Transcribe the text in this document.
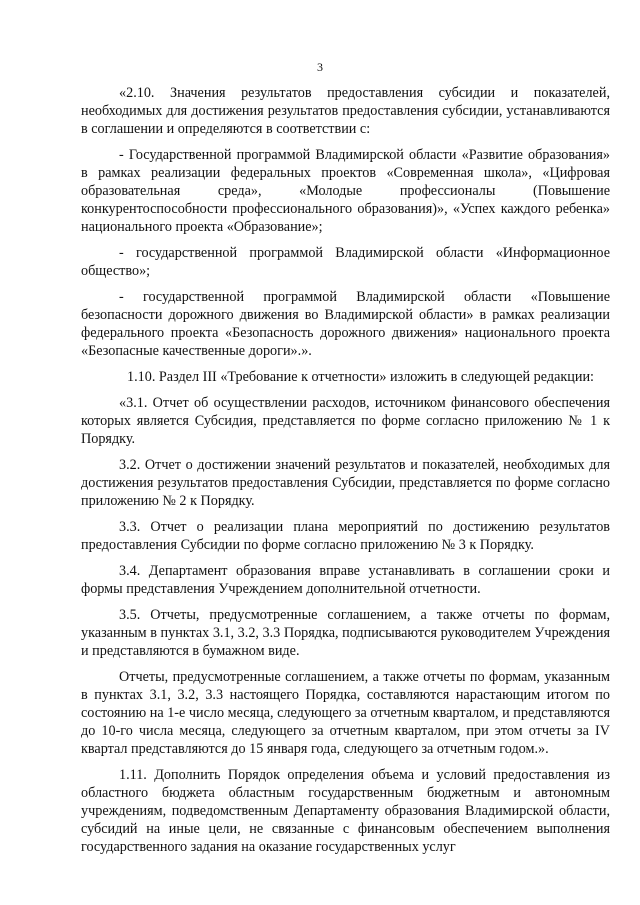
3

«2.10. Значения результатов предоставления субсидии и показателей, необходимых для достижения результатов предоставления субсидии, устанавливаются в соглашении и определяются в соответствии с:

- Государственной программой Владимирской области «Развитие образования» в рамках реализации федеральных проектов «Современная школа», «Цифровая образовательная среда», «Молодые профессионалы (Повышение конкурентоспособности профессионального образования)», «Успех каждого ребенка» национального проекта «Образование»;

- государственной программой Владимирской области «Информационное общество»;

- государственной программой Владимирской области «Повышение безопасности дорожного движения во Владимирской области» в рамках реализации федерального проекта «Безопасность дорожного движения» национального проекта «Безопасные качественные дороги».».

1.10. Раздел III «Требование к отчетности» изложить в следующей редакции:

«3.1. Отчет об осуществлении расходов, источником финансового обеспечения которых является Субсидия, представляется по форме согласно приложению № 1 к Порядку.

3.2. Отчет о достижении значений результатов и показателей, необходимых для достижения результатов предоставления Субсидии, представляется по форме согласно приложению № 2 к Порядку.

3.3. Отчет о реализации плана мероприятий по достижению результатов предоставления Субсидии по форме согласно приложению № 3 к Порядку.

3.4. Департамент образования вправе устанавливать в соглашении сроки и формы представления Учреждением дополнительной отчетности.

3.5. Отчеты, предусмотренные соглашением, а также отчеты по формам, указанным в пунктах 3.1, 3.2, 3.3 Порядка, подписываются руководителем Учреждения и представляются в бумажном виде.

Отчеты, предусмотренные соглашением, а также отчеты по формам, указанным в пунктах 3.1, 3.2, 3.3 настоящего Порядка, составляются нарастающим итогом по состоянию на 1-е число месяца, следующего за отчетным кварталом, и представляются до 10-го числа месяца, следующего за отчетным кварталом, при этом отчеты за IV квартал представляются до 15 января года, следующего за отчетным годом.».

1.11. Дополнить Порядок определения объема и условий предоставления из областного бюджета областным государственным бюджетным и автономным учреждениям, подведомственным Департаменту образования Владимирской области, субсидий на иные цели, не связанные с финансовым обеспечением выполнения государственного задания на оказание государственных услуг
